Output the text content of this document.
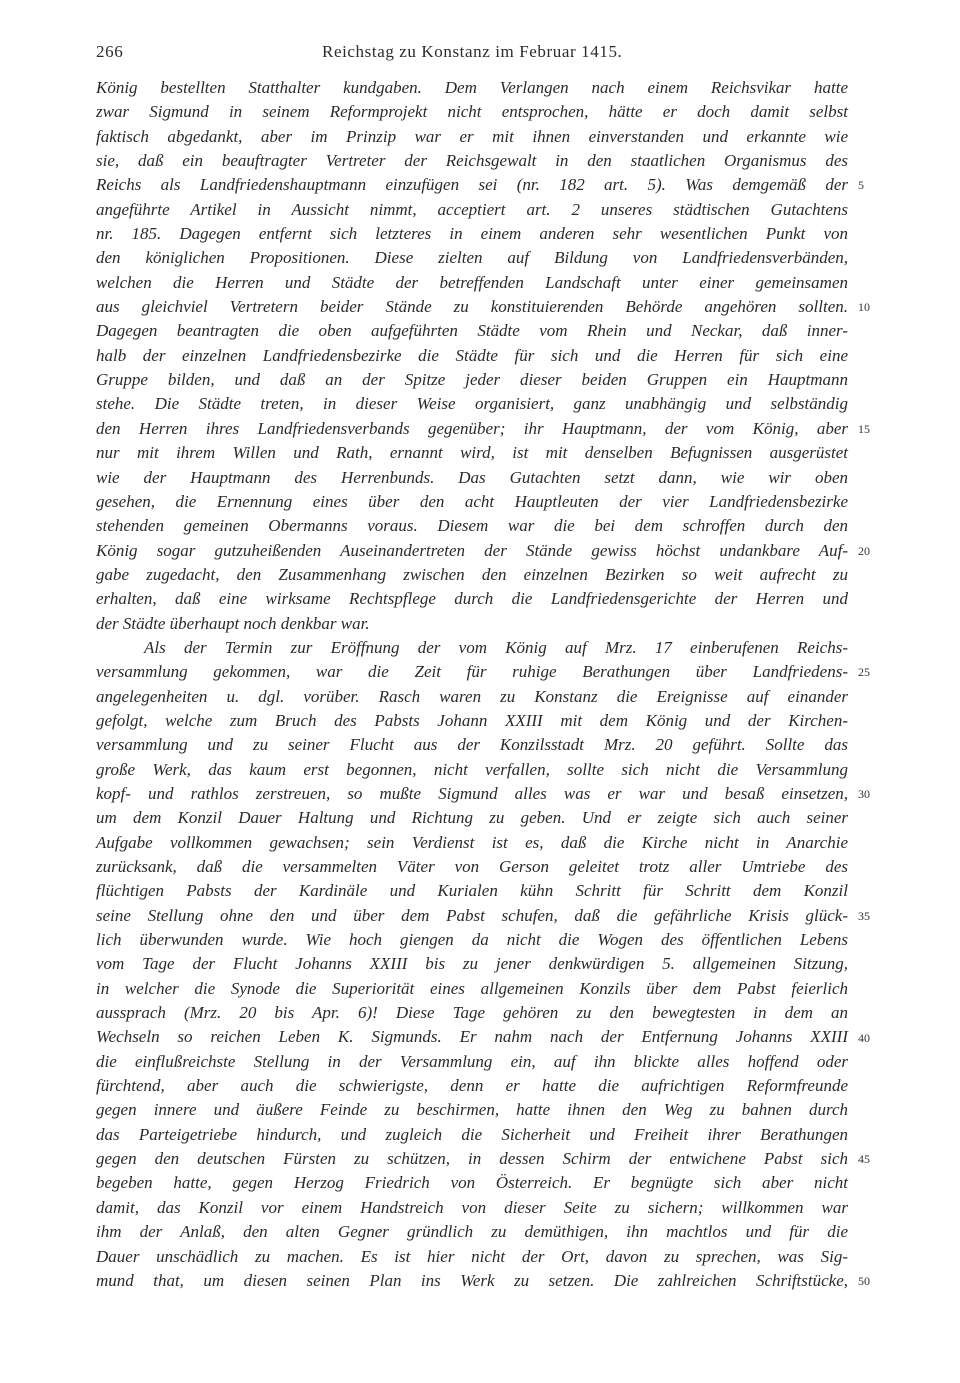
266	Reichstag zu Konstanz im Februar 1415.
König bestellten Statthalter kundgaben. Dem Verlangen nach einem Reichsvikar hatte
zwar Sigmund in seinem Reformprojekt nicht entsprochen, hätte er doch damit selbst
faktisch abgedankt, aber im Prinzip war er mit ihnen einverstanden und erkannte wie
sie, daß ein beauftragter Vertreter der Reichsgewalt in den staatlichen Organismus des
Reichs als Landfriedenshauptmann einzufügen sei (nr. 182 art. 5). Was demgemäß der
angeführte Artikel in Aussicht nimmt, acceptiert art. 2 unseres städtischen Gutachtens
nr. 185. Dagegen entfernt sich letzteres in einem anderen sehr wesentlichen Punkt von
den königlichen Propositionen. Diese zielten auf Bildung von Landfriedensverbänden,
welchen die Herren und Städte der betreffenden Landschaft unter einer gemeinsamen
aus gleichviel Vertretern beider Stände zu konstituierenden Behörde angehören sollten.
Dagegen beantragten die oben aufgeführten Städte vom Rhein und Neckar, daß inner-
halb der einzelnen Landfriedensbezirke die Städte für sich und die Herren für sich eine
Gruppe bilden, und daß an der Spitze jeder dieser beiden Gruppen ein Hauptmann
stehe. Die Städte treten, in dieser Weise organisiert, ganz unabhängig und selbständig
den Herren ihres Landfriedensverbands gegenüber; ihr Hauptmann, der vom König, aber
nur mit ihrem Willen und Rath, ernannt wird, ist mit denselben Befugnissen ausgerüstet
wie der Hauptmann des Herrenbunds. Das Gutachten setzt dann, wie wir oben
gesehen, die Ernennung eines über den acht Hauptleuten der vier Landfriedensbezirke
stehenden gemeinen Obermanns voraus. Diesem war die bei dem schroffen durch den
König sogar gutzuheißenden Auseinandertreten der Stände gewiss höchst undankbare Auf-
gabe zugedacht, den Zusammenhang zwischen den einzelnen Bezirken so weit aufrecht zu
erhalten, daß eine wirksame Rechtspflege durch die Landfriedensgerichte der Herren und
der Städte überhaupt noch denkbar war.
Als der Termin zur Eröffnung der vom König auf Mrz. 17 einberufenen Reichs-
versammlung gekommen, war die Zeit für ruhige Berathungen über Landfriedens-
angelegenheiten u. dgl. vorüber. Rasch waren zu Konstanz die Ereignisse auf einander
gefolgt, welche zum Bruch des Pabsts Johann XXIII mit dem König und der Kirchen-
versammlung und zu seiner Flucht aus der Konzilsstadt Mrz. 20 geführt. Sollte das
große Werk, das kaum erst begonnen, nicht verfallen, sollte sich nicht die Versammlung
kopf- und rathlos zerstreuen, so mußte Sigmund alles was er war und besaß einsetzen,
um dem Konzil Dauer Haltung und Richtung zu geben. Und er zeigte sich auch seiner
Aufgabe vollkommen gewachsen; sein Verdienst ist es, daß die Kirche nicht in Anarchie
zurücksank, daß die versammelten Väter von Gerson geleitet trotz aller Umtriebe des
flüchtigen Pabsts der Kardinäle und Kurialen kühn Schritt für Schritt dem Konzil
seine Stellung ohne den und über dem Pabst schufen, daß die gefährliche Krisis glück-
lich überwunden wurde. Wie hoch giengen da nicht die Wogen des öffentlichen Lebens
vom Tage der Flucht Johanns XXIII bis zu jener denkwürdigen 5. allgemeinen Sitzung,
in welcher die Synode die Superiorität eines allgemeinen Konzils über dem Pabst feierlich
aussprach (Mrz. 20 bis Apr. 6)! Diese Tage gehören zu den bewegtesten in dem an
Wechseln so reichen Leben K. Sigmunds. Er nahm nach der Entfernung Johanns XXIII
die einflußreichste Stellung in der Versammlung ein, auf ihn blickte alles hoffend oder
fürchtend, aber auch die schwierigste, denn er hatte die aufrichtigen Reformfreunde
gegen innere und äußere Feinde zu beschirmen, hatte ihnen den Weg zu bahnen durch
das Parteigetriebe hindurch, und zugleich die Sicherheit und Freiheit ihrer Berathungen
gegen den deutschen Fürsten zu schützen, in dessen Schirm der entwichene Pabst sich
begeben hatte, gegen Herzog Friedrich von Österreich. Er begnügte sich aber nicht
damit, das Konzil vor einem Handstreich von dieser Seite zu sichern; willkommen war
ihm der Anlaß, den alten Gegner gründlich zu demüthigen, ihn machtlos und für die
Dauer unschädlich zu machen. Es ist hier nicht der Ort, davon zu sprechen, was Sig-
mund that, um diesen seinen Plan ins Werk zu setzen. Die zahlreichen Schriftstücke,
5
10
15
20
25
30
35
40
45
50
